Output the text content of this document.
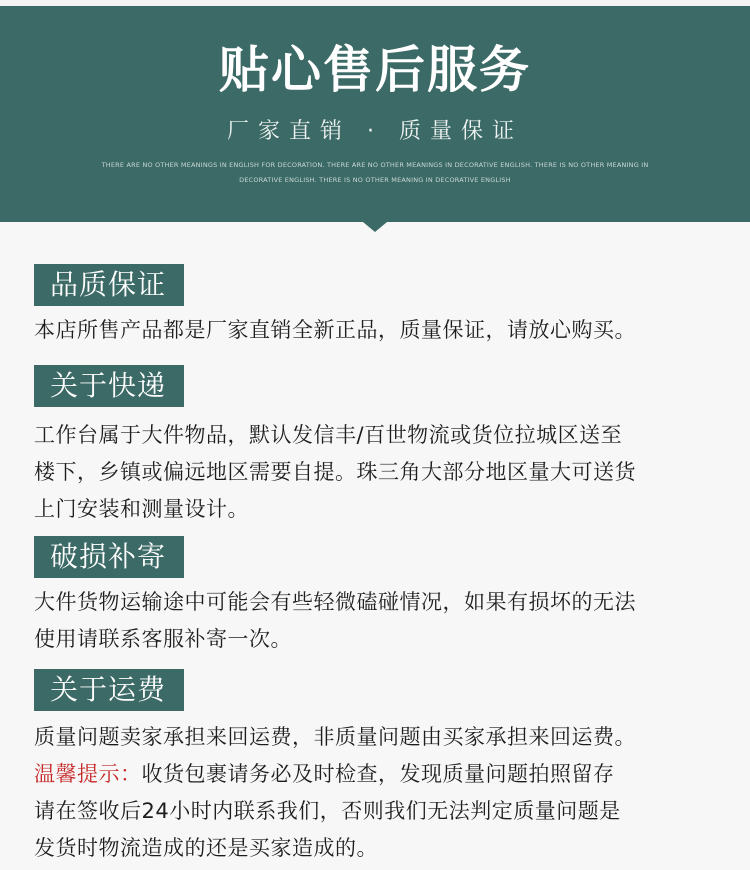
贴心售后服务
厂家直销 · 质量保证
THERE ARE NO OTHER MEANINGS IN ENGLISH FOR DECORATION. THERE ARE NO OTHER MEANINGS IN DECORATIVE ENGLISH. THERE IS NO OTHER MEANING IN DECORATIVE ENGLISH. THERE IS NO OTHER MEANING IN DECORATIVE ENGLISH
品质保证

本店所售产品都是厂家直销全新正品，质量保证，请放心购买。

关于快递

工作台属于大件物品，默认发信丰/百世物流或货位拉城区送至

楼下，乡镇或偏远地区需要自提。珠三角大部分地区量大可送货

上门安装和测量设计。

破损补寄

大件货物运输途中可能会有些轻微磕碰情况，如果有损坏的无法

使用请联系客服补寄一次。

关于运费

质量问题卖家承担来回运费，非质量问题由买家承担来回运费。

温馨提示：收货包裹请务必及时检查，发现质量问题拍照留存

请在签收后24小时内联系我们，否则我们无法判定质量问题是

发货时物流造成的还是买家造成的。
